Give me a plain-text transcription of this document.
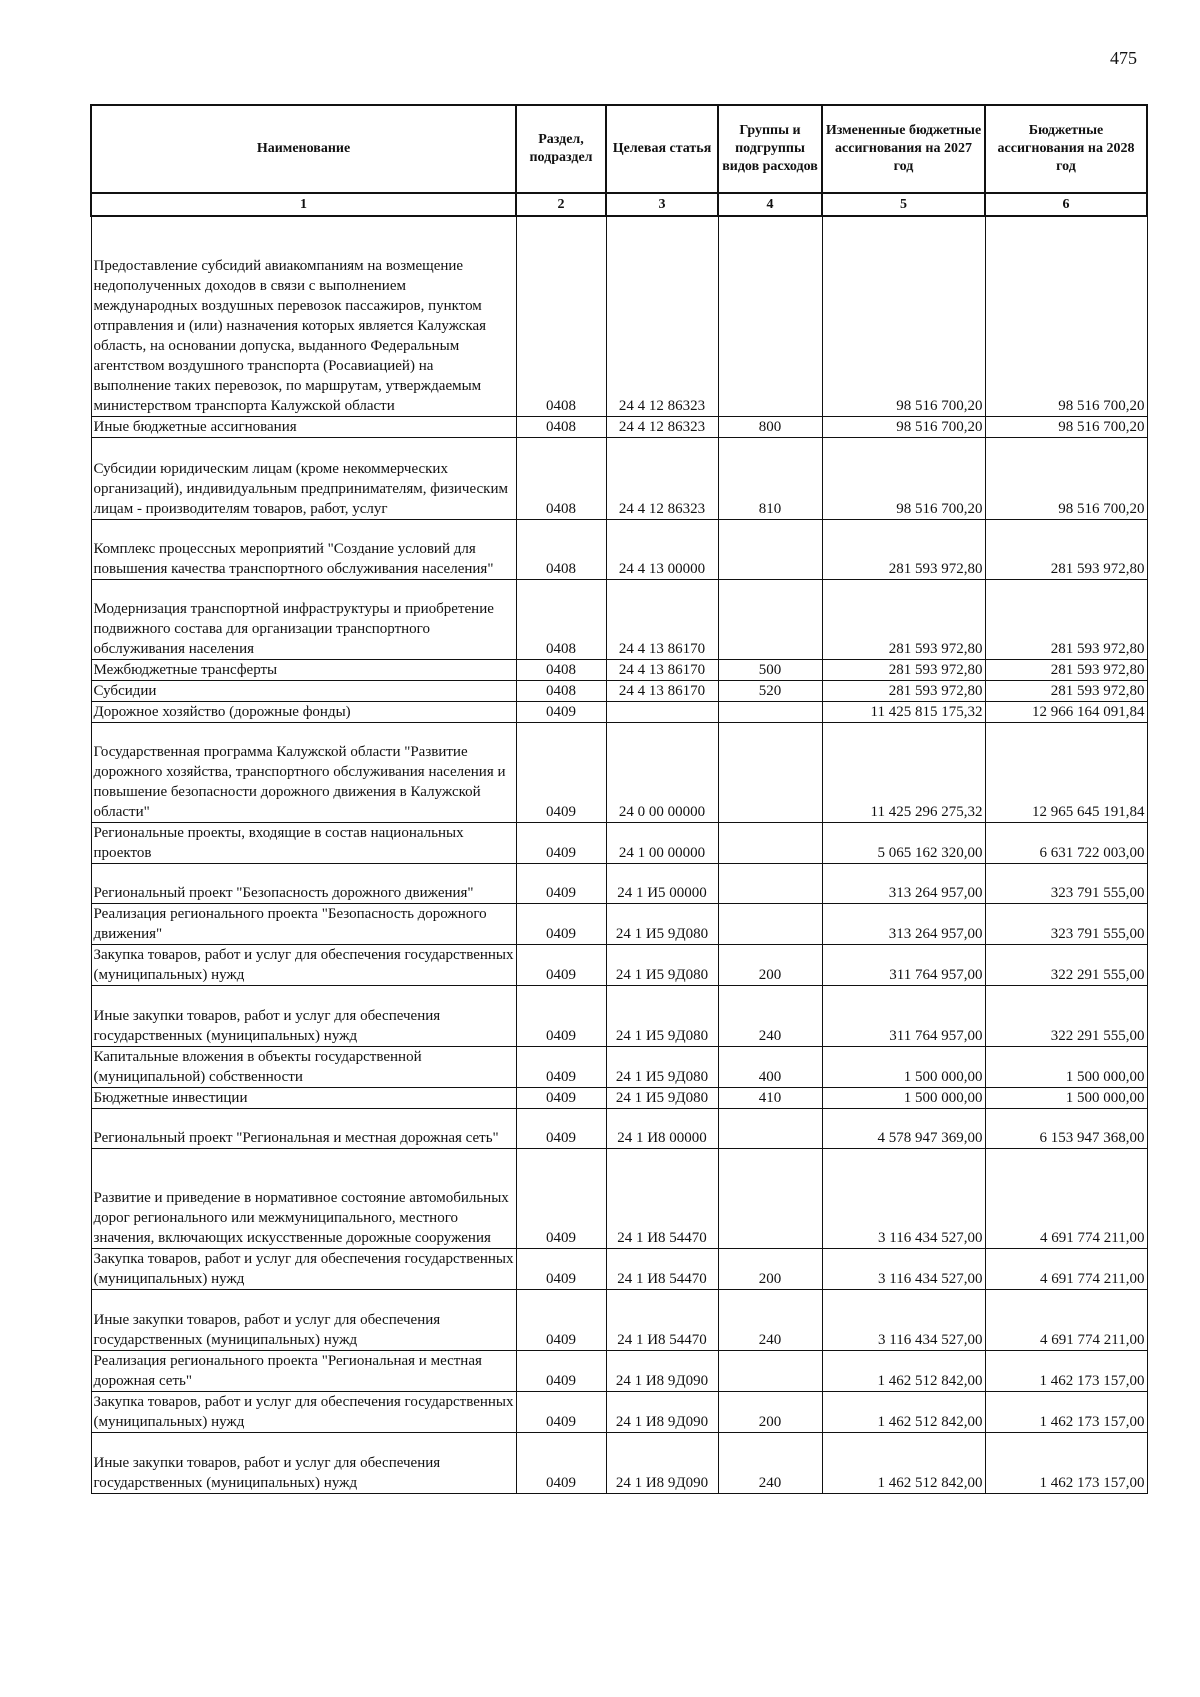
475
Наименование	Раздел, подраздел	Целевая статья	Группы и подгруппы видов расходов	Измененные бюджетные ассигнования на 2027 год	Бюджетные ассигнования на 2028 год
1	2	3	4	5	6
Предоставление субсидий авиакомпаниям на возмещение недополученных доходов в связи с выполнением международных воздушных перевозок пассажиров, пунктом отправления и (или) назначения которых является Калужская область, на основании допуска, выданного Федеральным агентством воздушного транспорта (Росавиацией) на выполнение таких перевозок, по маршрутам, утверждаемым министерством транспорта Калужской области	0408	24 4 12 86323		98 516 700,20	98 516 700,20
Иные бюджетные ассигнования	0408	24 4 12 86323	800	98 516 700,20	98 516 700,20
Субсидии юридическим лицам (кроме некоммерческих организаций), индивидуальным предпринимателям, физическим лицам - производителям товаров, работ, услуг	0408	24 4 12 86323	810	98 516 700,20	98 516 700,20
Комплекс процессных мероприятий "Создание условий для повышения качества транспортного обслуживания населения"	0408	24 4 13 00000		281 593 972,80	281 593 972,80
Модернизация транспортной инфраструктуры и приобретение подвижного состава для организации транспортного обслуживания населения	0408	24 4 13 86170		281 593 972,80	281 593 972,80
Межбюджетные трансферты	0408	24 4 13 86170	500	281 593 972,80	281 593 972,80
Субсидии	0408	24 4 13 86170	520	281 593 972,80	281 593 972,80
Дорожное хозяйство (дорожные фонды)	0409			11 425 815 175,32	12 966 164 091,84
Государственная программа Калужской области "Развитие дорожного хозяйства, транспортного обслуживания населения и повышение безопасности дорожного движения в Калужской области"	0409	24 0 00 00000		11 425 296 275,32	12 965 645 191,84
Региональные проекты, входящие в состав национальных проектов	0409	24 1 00 00000		5 065 162 320,00	6 631 722 003,00
Региональный проект "Безопасность дорожного движения"	0409	24 1 И5 00000		313 264 957,00	323 791 555,00
Реализация регионального проекта "Безопасность дорожного движения"	0409	24 1 И5 9Д080		313 264 957,00	323 791 555,00
Закупка товаров, работ и услуг для обеспечения государственных (муниципальных) нужд	0409	24 1 И5 9Д080	200	311 764 957,00	322 291 555,00
Иные закупки товаров, работ и услуг для обеспечения государственных (муниципальных) нужд	0409	24 1 И5 9Д080	240	311 764 957,00	322 291 555,00
Капитальные вложения в объекты государственной (муниципальной) собственности	0409	24 1 И5 9Д080	400	1 500 000,00	1 500 000,00
Бюджетные инвестиции	0409	24 1 И5 9Д080	410	1 500 000,00	1 500 000,00
Региональный проект "Региональная и местная дорожная сеть"	0409	24 1 И8 00000		4 578 947 369,00	6 153 947 368,00
Развитие и приведение в нормативное состояние автомобильных дорог регионального или межмуниципального, местного значения, включающих искусственные дорожные сооружения	0409	24 1 И8 54470		3 116 434 527,00	4 691 774 211,00
Закупка товаров, работ и услуг для обеспечения государственных (муниципальных) нужд	0409	24 1 И8 54470	200	3 116 434 527,00	4 691 774 211,00
Иные закупки товаров, работ и услуг для обеспечения государственных (муниципальных) нужд	0409	24 1 И8 54470	240	3 116 434 527,00	4 691 774 211,00
Реализация регионального проекта "Региональная и местная дорожная сеть"	0409	24 1 И8 9Д090		1 462 512 842,00	1 462 173 157,00
Закупка товаров, работ и услуг для обеспечения государственных (муниципальных) нужд	0409	24 1 И8 9Д090	200	1 462 512 842,00	1 462 173 157,00
Иные закупки товаров, работ и услуг для обеспечения государственных (муниципальных) нужд	0409	24 1 И8 9Д090	240	1 462 512 842,00	1 462 173 157,00
